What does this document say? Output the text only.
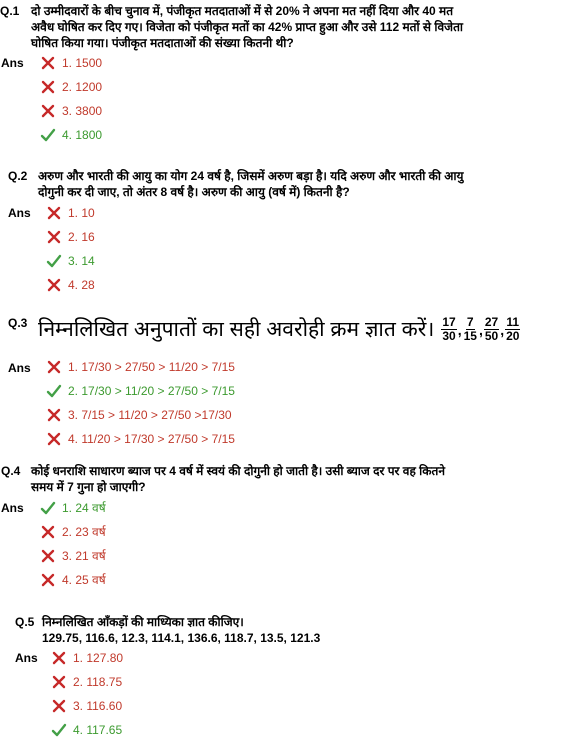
Q.1 दो उम्मीदवारों के बीच चुनाव में, पंजीकृत मतदाताओं में से 20% ने अपना मत नहीं दिया और 40 मत
अवैध घोषित कर दिए गए। विजेता को पंजीकृत मतों का 42% प्राप्त हुआ और उसे 112 मतों से विजेता
घोषित किया गया। पंजीकृत मतदाताओं की संख्या कितनी थी?
Ans	1. 1500
2. 1200
3. 3800
4. 1800
Q.2 अरुण और भारती की आयु का योग 24 वर्ष है, जिसमें अरुण बड़ा है। यदि अरुण और भारती की आयु
दोगुनी कर दी जाए, तो अंतर 8 वर्ष है। अरुण की आयु (वर्ष में) कितनी है?
Ans	1. 10
2. 16
3. 14
4. 28
Q.3 निम्नलिखित अनुपातों का सही अवरोही क्रम ज्ञात करें। $\frac{17}{30}$ , $\frac{7}{15}$ , $\frac{27}{50}$ , $\frac{11}{20}$
Ans	1. 17/30 > 27/50 > 11/20 > 7/15
2. 17/30 > 11/20 > 27/50 > 7/15
3. 7/15 > 11/20 > 27/50 >17/30
4. 11/20 > 17/30 > 27/50 > 7/15
Q.4 कोई धनराशि साधारण ब्याज पर 4 वर्ष में स्वयं की दोगुनी हो जाती है। उसी ब्याज दर पर वह कितने
समय में 7 गुना हो जाएगी?
Ans	1. 24 वर्ष
2. 23 वर्ष
3. 21 वर्ष
4. 25 वर्ष
Q.5 निम्नलिखित आँकड़ों की माध्यिका ज्ञात कीजिए।
129.75, 116.6, 12.3, 114.1, 136.6, 118.7, 13.5, 121.3
Ans	1. 127.80
2. 118.75
3. 116.60
4. 117.65
